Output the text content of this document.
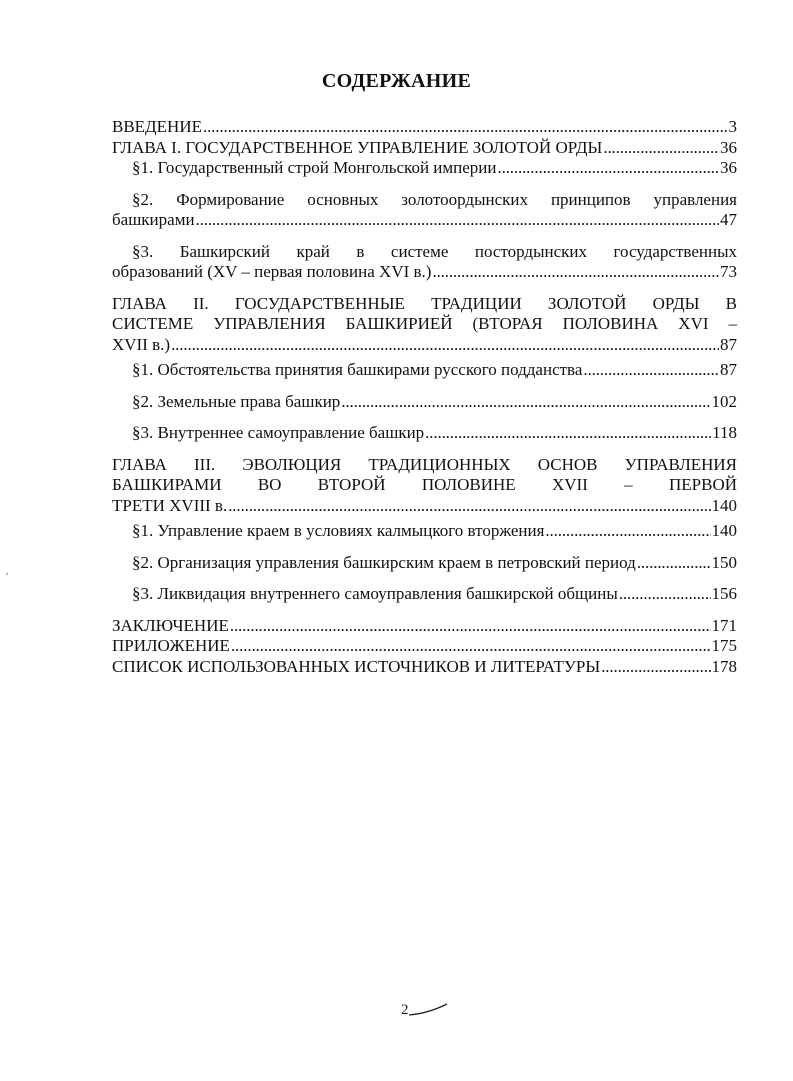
СОДЕРЖАНИЕ
ВВЕДЕНИЕ . . .	3
ГЛАВА I. ГОСУДАРСТВЕННОЕ УПРАВЛЕНИЕ ЗОЛОТОЙ ОРДЫ . . .	36
§1. Государственный строй Монгольской империи . . .	36
§2. Формирование основных золотоордынских принципов управления
башкирами . . .	47
§3. Башкирский край в системе постордынских государственных
образований (XV – первая половина XVI в.) . . .	73
ГЛАВА II. ГОСУДАРСТВЕННЫЕ ТРАДИЦИИ ЗОЛОТОЙ ОРДЫ В
СИСТЕМЕ УПРАВЛЕНИЯ БАШКИРИЕЙ (ВТОРАЯ ПОЛОВИНА XVI –
XVII в.) . . .	87
§1. Обстоятельства принятия башкирами русского подданства . . .	87
§2. Земельные права башкир . . .	102
§3. Внутреннее самоуправление башкир . . .	118
ГЛАВА III. ЭВОЛЮЦИЯ ТРАДИЦИОННЫХ ОСНОВ УПРАВЛЕНИЯ
БАШКИРАМИ ВО ВТОРОЙ ПОЛОВИНЕ XVII – ПЕРВОЙ
ТРЕТИ XVIII в. . . .	140
§1. Управление краем в условиях калмыцкого вторжения . . .	140
§2. Организация управления башкирским краем в петровский период . . .	150
§3. Ликвидация внутреннего самоуправления башкирской общины . . .	156
ЗАКЛЮЧЕНИЕ . . .	171
ПРИЛОЖЕНИЕ . . .	175
СПИСОК ИСПОЛЬЗОВАННЫХ ИСТОЧНИКОВ И ЛИТЕРАТУРЫ . . .	178
,
2
